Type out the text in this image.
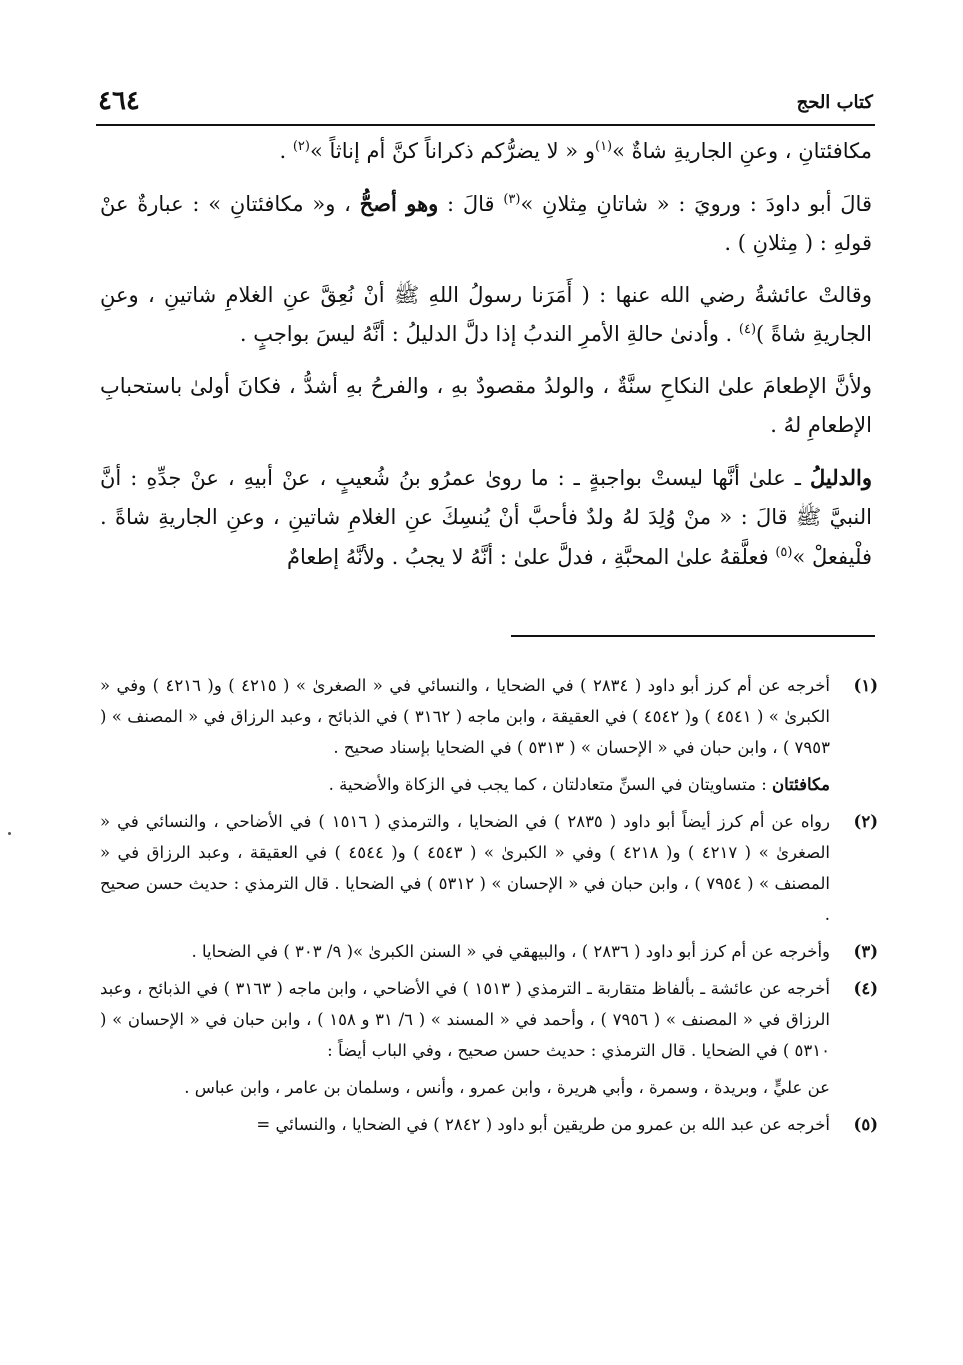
كتاب الحج
٤٦٤

مكافئتانِ ، وعنِ الجاريةِ شاةٌ »$^{(١)}$و « لا يضرُّكم ذكراناً كنَّ أم إناثاً »$^{(٢)}$ .

قالَ أبو داودَ : ورويَ : « شاتانِ مِثلانِ »$^{(٣)}$ قالَ : وهو أصحُّ ، و« مكافئتانِ » : عبارةٌ عنْ قولهِ : ( مِثلانِ ) .

وقالتْ عائشةُ رضي الله عنها : ( أَمَرَنا رسولُ اللهِ ﷺ أنْ نُعِقَّ عنِ الغلامِ شاتينِ ، وعنِ الجاريةِ شاةً )$^{(٤)}$ . وأدنىٰ حالةِ الأمرِ الندبُ إذا دلَّ الدليلُ : أنَّهُ ليسَ بواجبٍ .

ولأنَّ الإطعامَ علىٰ النكاحِ سنَّةٌ ، والولدُ مقصودٌ بهِ ، والفرحُ بهِ أشدُّ ، فكانَ أولىٰ باستحبابِ الإطعامِ لهُ .

والدليلُ ـ علىٰ أنَّها ليستْ بواجبةٍ ـ : ما روىٰ عمرُو بنُ شُعيبٍ ، عنْ أبيهِ ، عنْ جدِّهِ : أنَّ النبيَّ ﷺ قالَ : « منْ وُلِدَ لهُ ولدٌ فأحبَّ أنْ يُنسِكَ عنِ الغلامِ شاتينِ ، وعنِ الجاريةِ شاةً . فلْيفعلْ »$^{(٥)}$ فعلَّقهُ علىٰ المحبَّةِ ، فدلَّ علىٰ : أنَّهُ لا يجبُ . ولأنَّهُ إطعامٌ

(١)
أخرجه عن أم كرز أبو داود ( ٢٨٣٤ ) في الضحايا ، والنسائي في « الصغرىٰ » ( ٤٢١٥ ) و( ٤٢١٦ ) وفي « الكبرىٰ » ( ٤٥٤١ ) و( ٤٥٤٢ ) في العقيقة ، وابن ماجه ( ٣١٦٢ ) في الذبائح ، وعبد الرزاق في « المصنف » ( ٧٩٥٣ ) ، وابن حبان في « الإحسان » ( ٥٣١٣ ) في الضحايا بإسناد صحيح .
مكافئتان : متساويتان في السنِّ متعادلتان ، كما يجب في الزكاة والأضحية .
(٢)
رواه عن أم كرز أيضاً أبو داود ( ٢٨٣٥ ) في الضحايا ، والترمذي ( ١٥١٦ ) في الأضاحي ، والنسائي في « الصغرىٰ » ( ٤٢١٧ ) و( ٤٢١٨ ) وفي « الكبرىٰ » ( ٤٥٤٣ ) و( ٤٥٤٤ ) في العقيقة ، وعبد الرزاق في « المصنف » ( ٧٩٥٤ ) ، وابن حبان في « الإحسان » ( ٥٣١٢ ) في الضحايا . قال الترمذي : حديث حسن صحيح .
(٣)
وأخرجه عن أم كرز أبو داود ( ٢٨٣٦ ) ، والبيهقي في « السنن الكبرىٰ »( ٩/ ٣٠٣ ) في الضحايا .
(٤)
أخرجه عن عائشة ـ بألفاظ متقاربة ـ الترمذي ( ١٥١٣ ) في الأضاحي ، وابن ماجه ( ٣١٦٣ ) في الذبائح ، وعبد الرزاق في « المصنف » ( ٧٩٥٦ ) ، وأحمد في « المسند » ( ٦/ ٣١ و ١٥٨ ) ، وابن حبان في « الإحسان » ( ٥٣١٠ ) في الضحايا . قال الترمذي : حديث حسن صحيح ، وفي الباب أيضاً :
عن عليٍّ ، وبريدة ، وسمرة ، وأبي هريرة ، وابن عمرو ، وأنس ، وسلمان بن عامر ، وابن عباس .
(٥)
أخرجه عن عبد الله بن عمرو من طريقين أبو داود ( ٢٨٤٢ ) في الضحايا ، والنسائي =
